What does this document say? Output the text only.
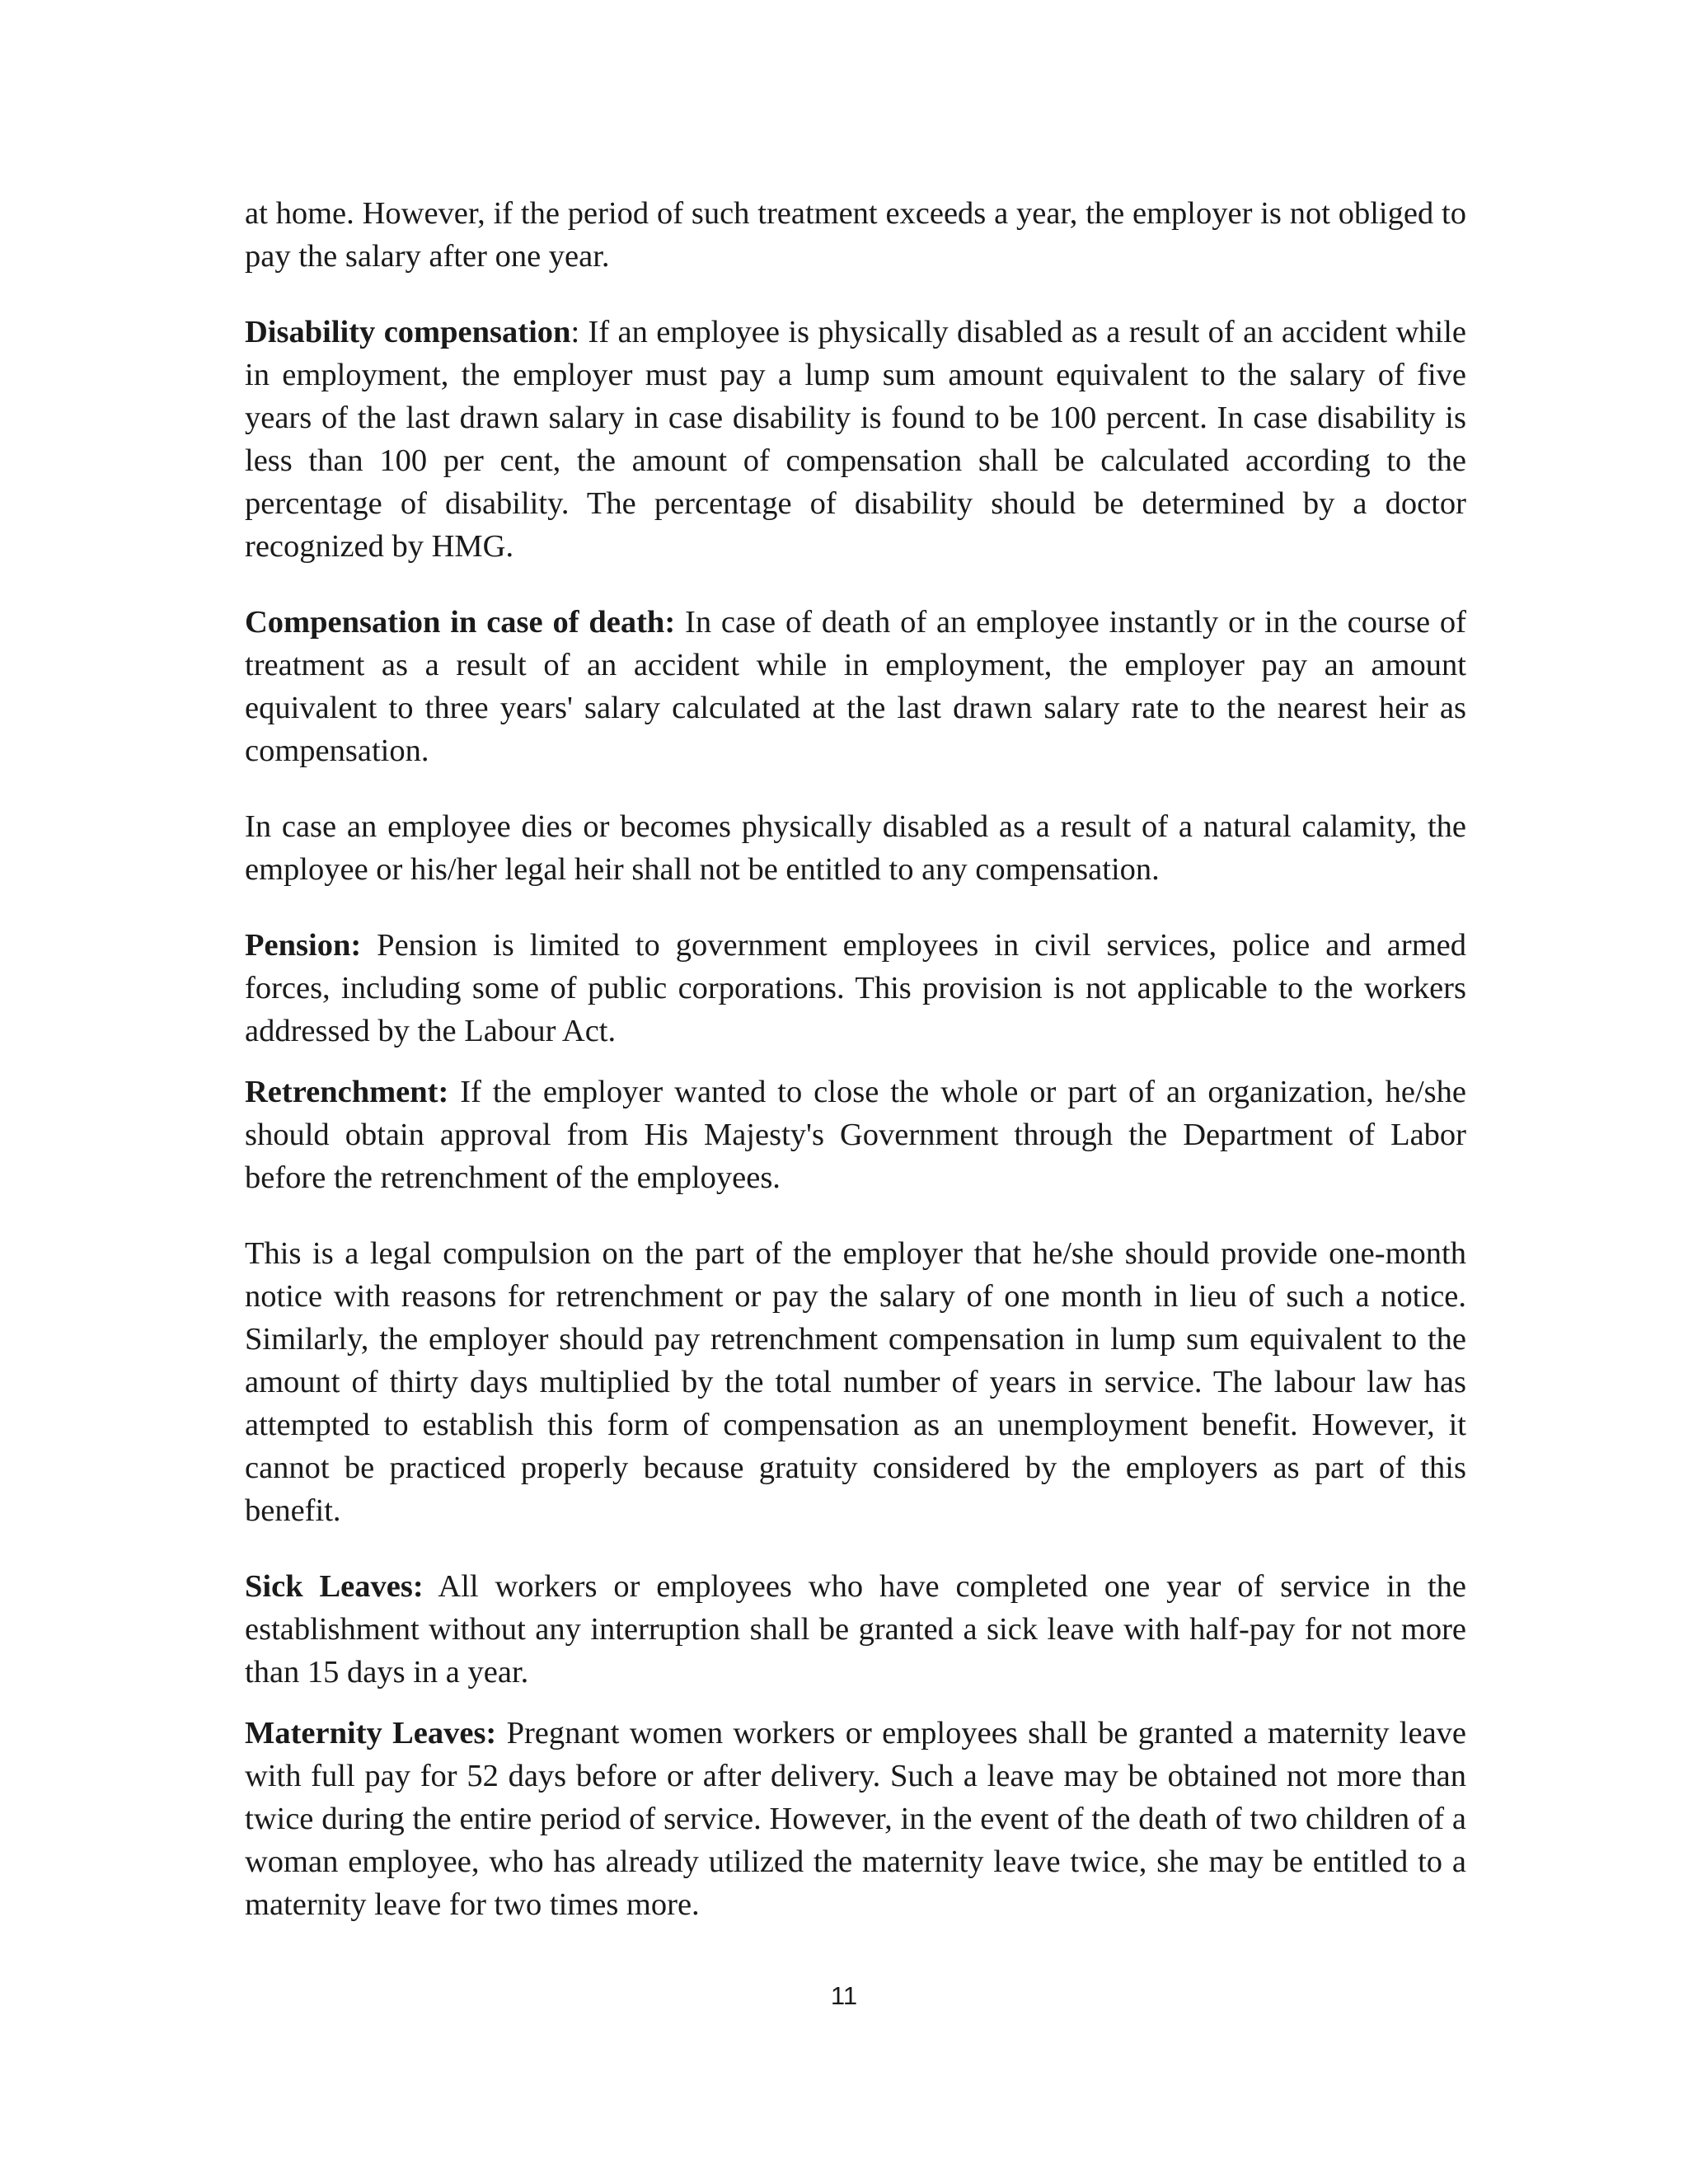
at home. However, if the period of such treatment exceeds a year, the employer is not obliged to pay the salary after one year.

Disability compensation: If an employee is physically disabled as a result of an accident while in employment, the employer must pay a lump sum amount equivalent to the salary of five years of the last drawn salary in case disability is found to be 100 percent. In case disability is less than 100 per cent, the amount of compensation shall be calculated according to the percentage of disability. The percentage of disability should be determined by a doctor recognized by HMG.

Compensation in case of death: In case of death of an employee instantly or in the course of treatment as a result of an accident while in employment, the employer pay an amount equivalent to three years' salary calculated at the last drawn salary rate to the nearest heir as compensation.

In case an employee dies or becomes physically disabled as a result of a natural calamity, the employee or his/her legal heir shall not be entitled to any compensation.

Pension: Pension is limited to government employees in civil services, police and armed forces, including some of public corporations. This provision is not applicable to the workers addressed by the Labour Act.

Retrenchment: If the employer wanted to close the whole or part of an organization, he/she should obtain approval from His Majesty's Government through the Department of Labor before the retrenchment of the employees.

This is a legal compulsion on the part of the employer that he/she should provide one-month notice with reasons for retrenchment or pay the salary of one month in lieu of such a notice. Similarly, the employer should pay retrenchment compensation in lump sum equivalent to the amount of thirty days multiplied by the total number of years in service. The labour law has attempted to establish this form of compensation as an unemployment benefit. However, it cannot be practiced properly because gratuity considered by the employers as part of this benefit.

Sick Leaves: All workers or employees who have completed one year of service in the establishment without any interruption shall be granted a sick leave with half-pay for not more than 15 days in a year.

Maternity Leaves: Pregnant women workers or employees shall be granted a maternity leave with full pay for 52 days before or after delivery. Such a leave may be obtained not more than twice during the entire period of service. However, in the event of the death of two children of a woman employee, who has already utilized the maternity leave twice, she may be entitled to a maternity leave for two times more.

11
